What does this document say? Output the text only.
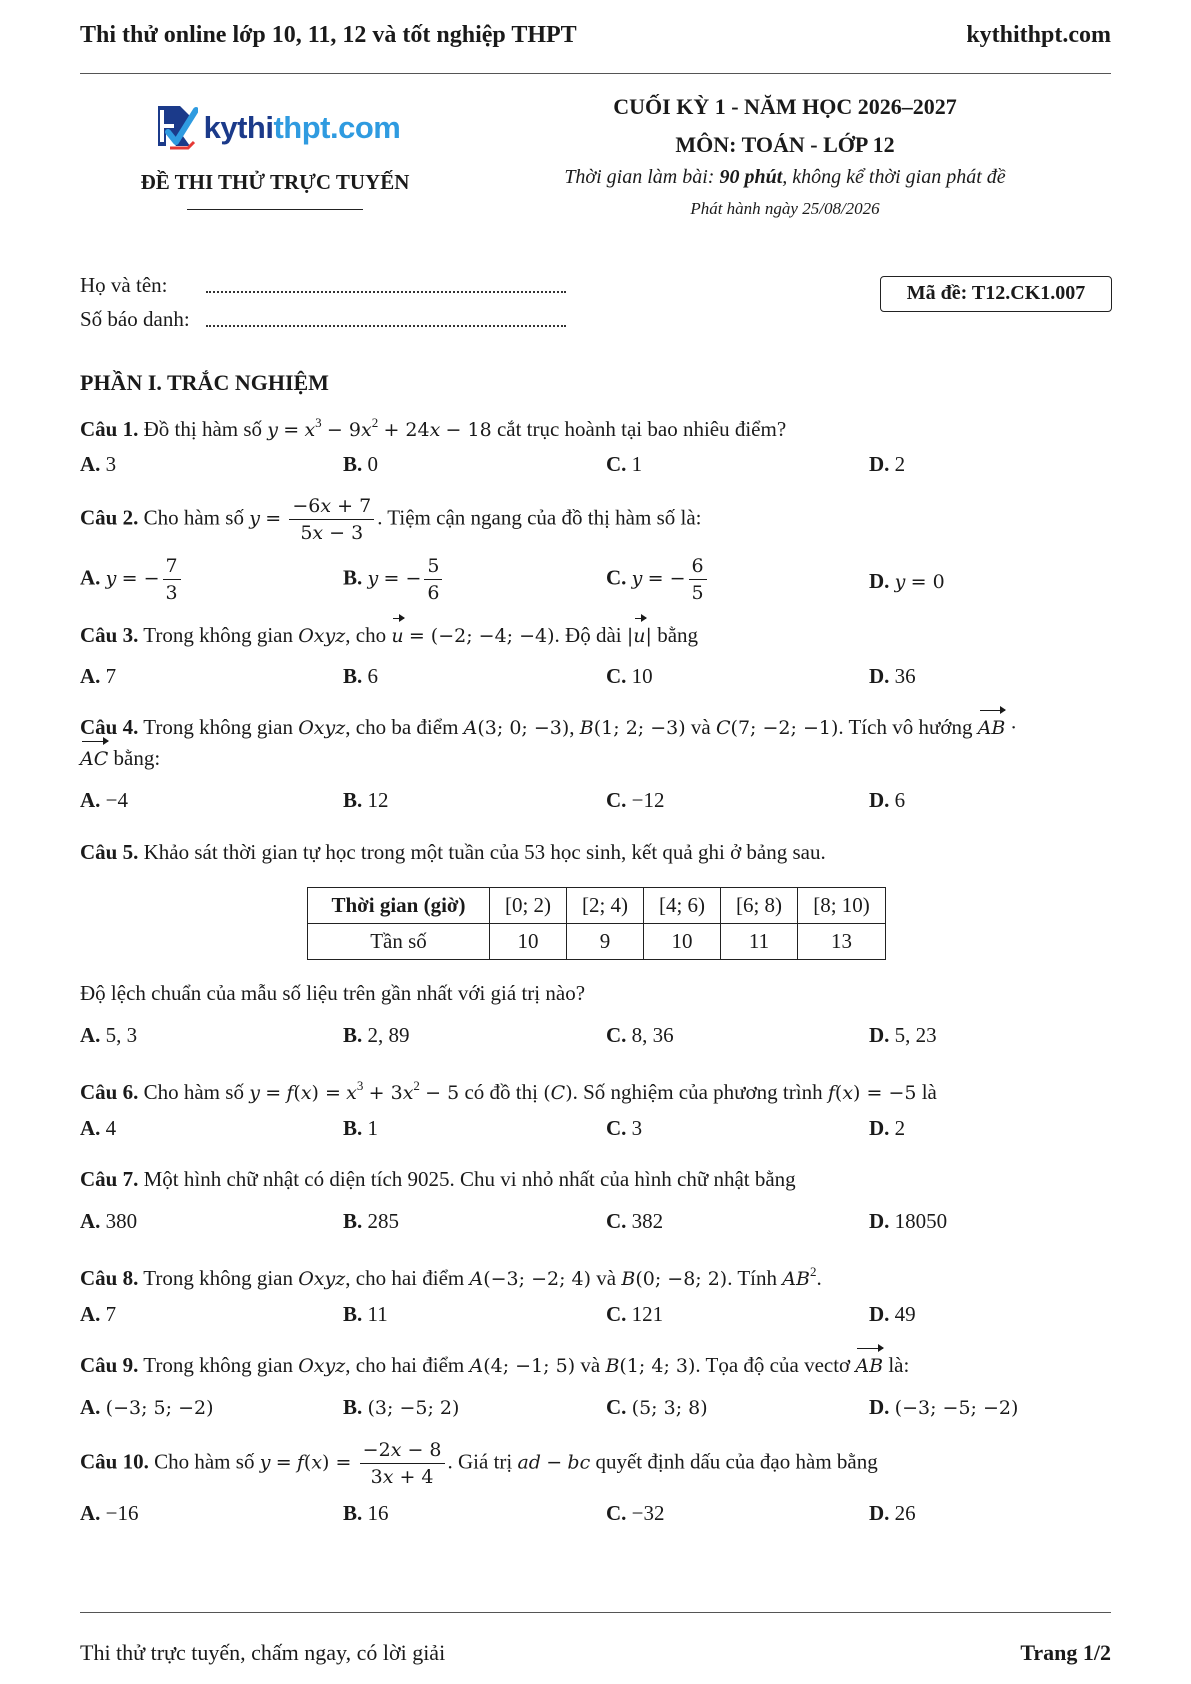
Thi thử online lớp 10, 11, 12 và tốt nghiệp THPT	kythithpt.com
kythithpt.com
ĐỀ THI THỬ TRỰC TUYẾN
CUỐI KỲ 1 - NĂM HỌC 2026–2027
MÔN: TOÁN - LỚP 12
Thời gian làm bài: 90 phút, không kể thời gian phát đề
Phát hành ngày 25/08/2026
Họ và tên:
Số báo danh:
Mã đề: T12.CK1.007
PHẦN I. TRẮC NGHIỆM
Câu 1. Đồ thị hàm số $y = x^3 - 9x^2 + 24x - 18$ cắt trục hoành tại bao nhiêu điểm?
A. 3	B. 0	C. 1	D. 2
Câu 2. Cho hàm số $y = \frac{-6x + 7}{5x - 3}$ . Tiệm cận ngang của đồ thị hàm số là:
A. y = − $\frac{7}{3}$	B. y = − $\frac{5}{6}$	C. y = − $\frac{6}{5}$	D. y = 0
Câu 3. Trong không gian Oxyz, cho u = (−2; −4; −4). Độ dài |u| bằng
A. 7	B. 6	C. 10	D. 36
Câu 4. Trong không gian Oxyz, cho ba điểm A(3; 0; −3), B(1; 2; −3) và C(7; −2; −1). Tích vô hướng AB ·
AC bằng:
A. −4	B. 12	C. −12	D. 6
Câu 5. Khảo sát thời gian tự học trong một tuần của 53 học sinh, kết quả ghi ở bảng sau.
Thời gian (giờ)	[0; 2)	[2; 4)	[4; 6)	[6; 8)	[8; 10)
Tần số	10	9	10	11	13
Độ lệch chuẩn của mẫu số liệu trên gần nhất với giá trị nào?
A. 5, 3	B. 2, 89	C. 8, 36	D. 5, 23
Câu 6. Cho hàm số $y = f(x) = x^3 + 3x^2 - 5$ có đồ thị (C). Số nghiệm của phương trình f(x) = −5 là
A. 4	B. 1	C. 3	D. 2
Câu 7. Một hình chữ nhật có diện tích 9025. Chu vi nhỏ nhất của hình chữ nhật bằng
A. 380	B. 285	C. 382	D. 18050
Câu 8. Trong không gian Oxyz, cho hai điểm A(−3; −2; 4) và B(0; −8; 2). Tính $AB^2$.
A. 7	B. 11	C. 121	D. 49
Câu 9. Trong không gian Oxyz, cho hai điểm A(4; −1; 5) và B(1; 4; 3). Tọa độ của vectơ AB là:
A. (−3; 5; −2)	B. (3; −5; 2)	C. (5; 3; 8)	D. (−3; −5; −2)
Câu 10. Cho hàm số $y = f(x) = \frac{-2x - 8}{3x + 4}$ . Giá trị ad − bc quyết định dấu của đạo hàm bằng
A. −16	B. 16	C. −32	D. 26
Thi thử trực tuyến, chấm ngay, có lời giải	Trang 1/2
